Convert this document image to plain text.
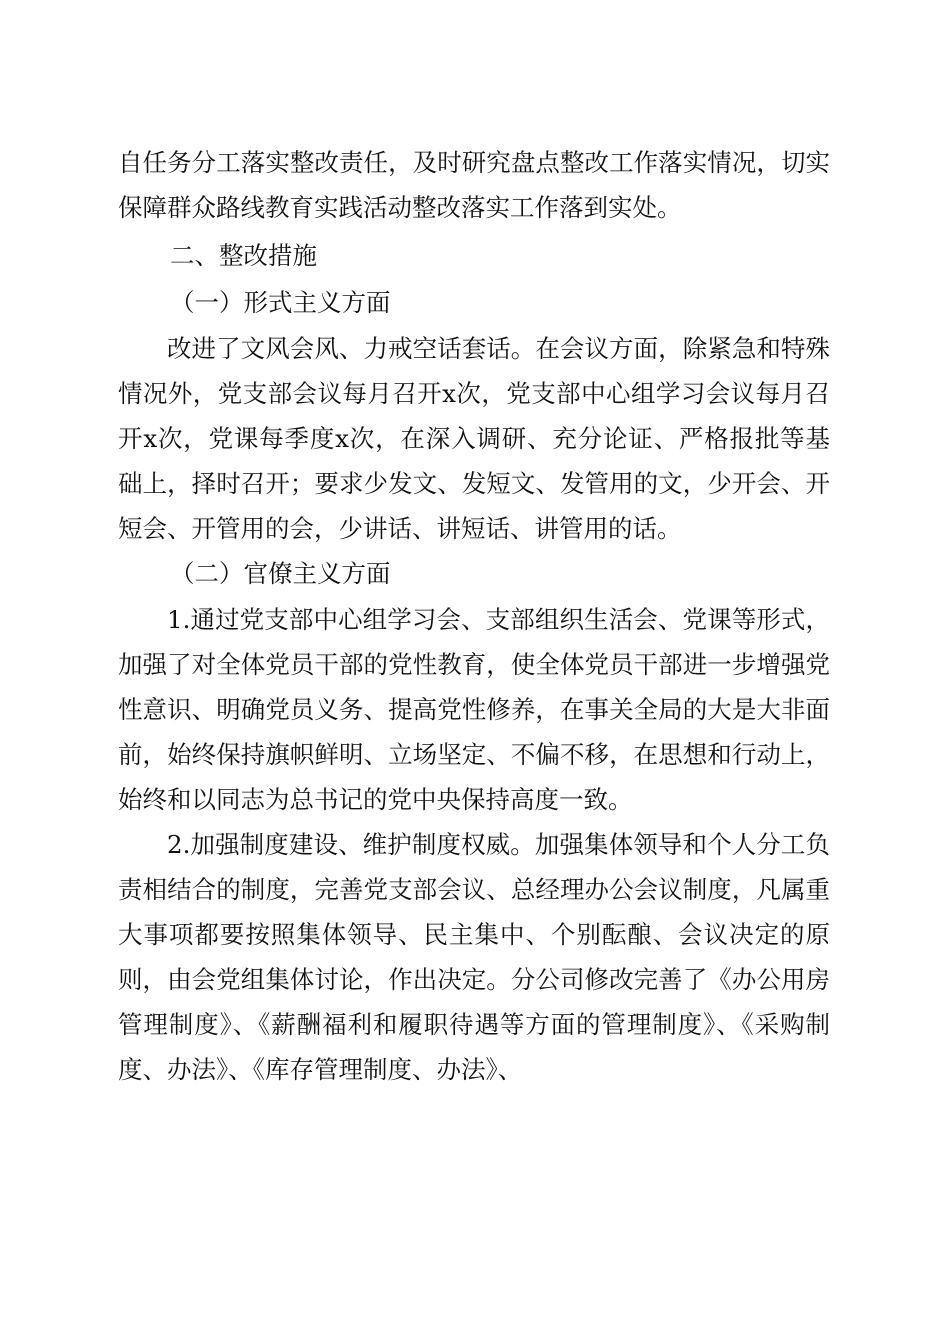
自任务分工落实整改责任，及时研究盘点整改工作落实情况，切实保障群众路线教育实践活动整改落实工作落到实处。

二、整改措施

（一）形式主义方面

改进了文风会风、力戒空话套话。在会议方面，除紧急和特殊情况外，党支部会议每月召开x次，党支部中心组学习会议每月召开x次，党课每季度x次，在深入调研、充分论证、严格报批等基础上，择时召开；要求少发文、发短文、发管用的文，少开会、开短会、开管用的会，少讲话、讲短话、讲管用的话。

（二）官僚主义方面

1.通过党支部中心组学习会、支部组织生活会、党课等形式，加强了对全体党员干部的党性教育，使全体党员干部进一步增强党性意识、明确党员义务、提高党性修养，在事关全局的大是大非面前，始终保持旗帜鲜明、立场坚定、不偏不移，在思想和行动上，始终和以同志为总书记的党中央保持高度一致。

2.加强制度建设、维护制度权威。加强集体领导和个人分工负责相结合的制度，完善党支部会议、总经理办公会议制度，凡属重大事项都要按照集体领导、民主集中、个别酝酿、会议决定的原则，由会党组集体讨论，作出决定。分公司修改完善了《办公用房管理制度》、《薪酬福利和履职待遇等方面的管理制度》、《采购制度、办法》、《库存管理制度、办法》、
